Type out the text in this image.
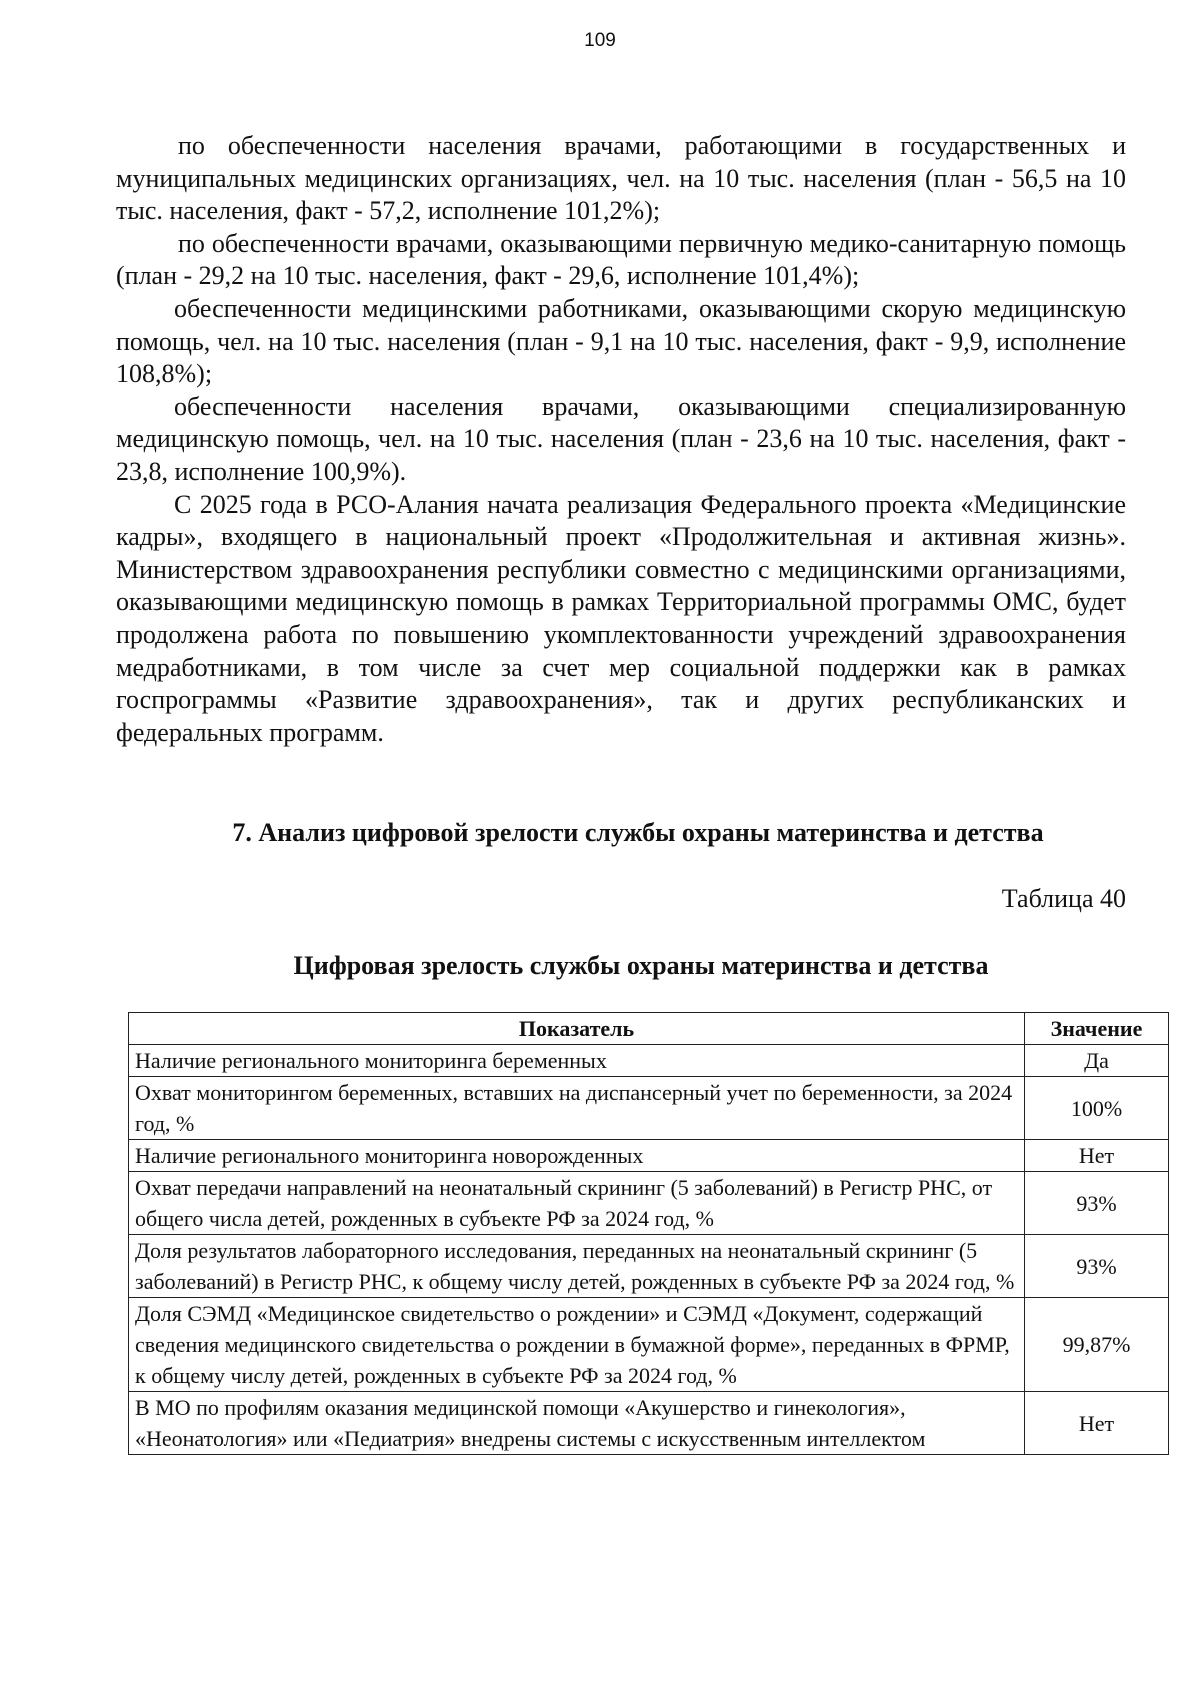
109

по обеспеченности населения врачами, работающими в государственных и муниципальных медицинских организациях, чел. на 10 тыс. населения (план - 56,5 на 10 тыс. населения, факт - 57,2, исполнение 101,2%);

по обеспеченности врачами, оказывающими первичную медико-санитарную помощь (план - 29,2 на 10 тыс. населения, факт - 29,6, исполнение 101,4%);

обеспеченности медицинскими работниками, оказывающими скорую медицинскую помощь, чел. на 10 тыс. населения (план - 9,1 на 10 тыс. населения, факт - 9,9, исполнение 108,8%);

обеспеченности населения врачами, оказывающими специализированную медицинскую помощь, чел. на 10 тыс. населения (план - 23,6 на 10 тыс. населения, факт - 23,8, исполнение 100,9%).

С 2025 года в РСО-Алания начата реализация Федерального проекта «Медицинские кадры», входящего в национальный проект «Продолжительная и активная жизнь». Министерством здравоохранения республики совместно с медицинскими организациями, оказывающими медицинскую помощь в рамках Территориальной программы ОМС, будет продолжена работа по повышению укомплектованности учреждений здравоохранения медработниками, в том числе за счет мер социальной поддержки как в рамках госпрограммы «Развитие здравоохранения», так и других республиканских и федеральных программ.

7. Анализ цифровой зрелости службы охраны материнства и детства
Таблица 40
Цифровая зрелость службы охраны материнства и детства
Показатель	Значение
Наличие регионального мониторинга беременных	Да
Охват мониторингом беременных, вставших на диспансерный учет по беременности, за 2024 год, %	100%
Наличие регионального мониторинга новорожденных	Нет
Охват передачи направлений на неонатальный скрининг (5 заболеваний) в Регистр РНС, от общего числа детей, рожденных в субъекте РФ за 2024 год, %	93%
Доля результатов лабораторного исследования, переданных на неонатальный скрининг (5 заболеваний) в Регистр РНС, к общему числу детей, рожденных в субъекте РФ за 2024 год, %	93%
Доля СЭМД «Медицинское свидетельство о рождении» и СЭМД «Документ, содержащий сведения медицинского свидетельства о рождении в бумажной форме», переданных в ФРМР, к общему числу детей, рожденных в субъекте РФ за 2024 год, %	99,87%
В МО по профилям оказания медицинской помощи «Акушерство и гинекология», «Неонатология» или «Педиатрия» внедрены системы с искусственным интеллектом	Нет
